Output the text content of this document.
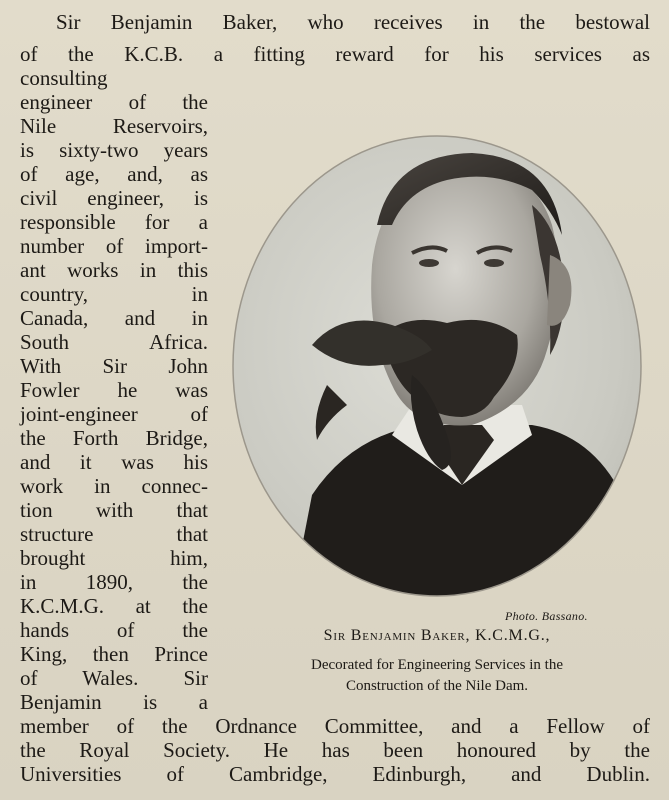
Sir Benjamin Baker, who receives in the bestowal
of the K.C.B. a fitting reward for his services as
consulting
engineer of the
Nile Reservoirs,
is sixty-two years
of age, and, as
civil engineer, is
responsible for a
number of import-
ant works in this
country, in
Canada, and in
South Africa.
With Sir John
Fowler he was
joint-engineer of
the Forth Bridge,
and it was his
work in connec-
tion with that
structure that
brought him,
in 1890, the
K.C.M.G. at the
hands of the
King, then Prince
of Wales. Sir
Benjamin is a
member of the Ordnance Committee, and a Fellow of
the Royal Society. He has been honoured by the
Universities of Cambridge, Edinburgh, and Dublin.
Photo. Bassano.
Sir Benjamin Baker, K.C.M.G.,
Decorated for Engineering Services in the
Construction of the Nile Dam.
